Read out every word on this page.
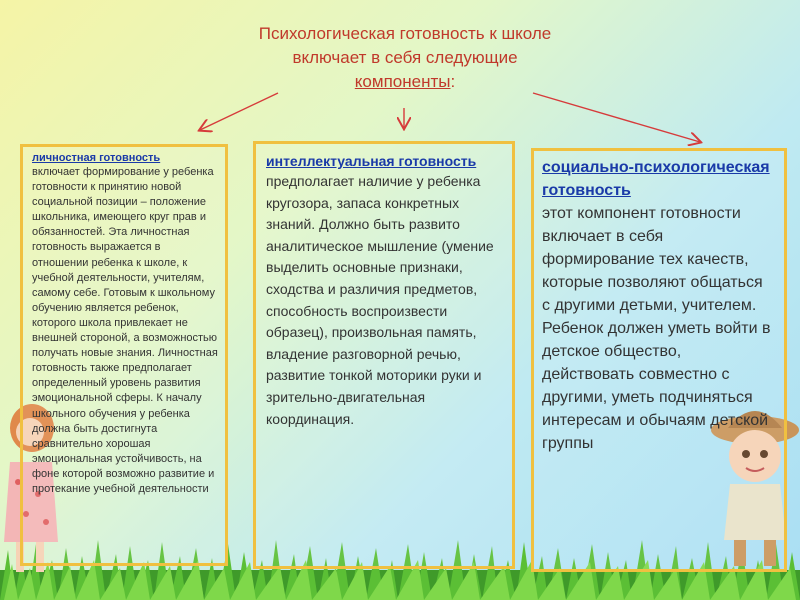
Психологическая готовность к школе
включает в себя следующие
компоненты:
личностная готовность
включает формирование у ребенка готовности к принятию новой социальной позиции – положение школьника, имеющего круг прав и обязанностей. Эта личностная готовность выражается в отношении ребенка к школе, к учебной деятельности, учителям, самому себе. Готовым к школьному обучению является ребенок, которого школа привлекает не внешней стороной, а возможностью получать новые знания. Личностная готовность также предполагает определенный уровень развития эмоциональной сферы. К началу школьного обучения у ребенка должна быть достигнута сравнительно хорошая эмоциональная устойчивость, на фоне которой возможно развитие и протекание учебной деятельности
интеллектуальная готовность
предполагает наличие у ребенка кругозора, запаса конкретных знаний. Должно быть развито аналитическое мышление (умение выделить основные признаки, сходства и различия предметов, способность воспроизвести образец), произвольная память, владение разговорной речью, развитие тонкой моторики руки и зрительно-двигательная координация.
социально-психологическая готовность
этот компонент готовности включает в себя формирование тех качеств, которые позволяют общаться с другими детьми, учителем. Ребенок должен уметь войти в детское общество, действовать совместно с другими, уметь подчиняться интересам и обычаям детской группы
